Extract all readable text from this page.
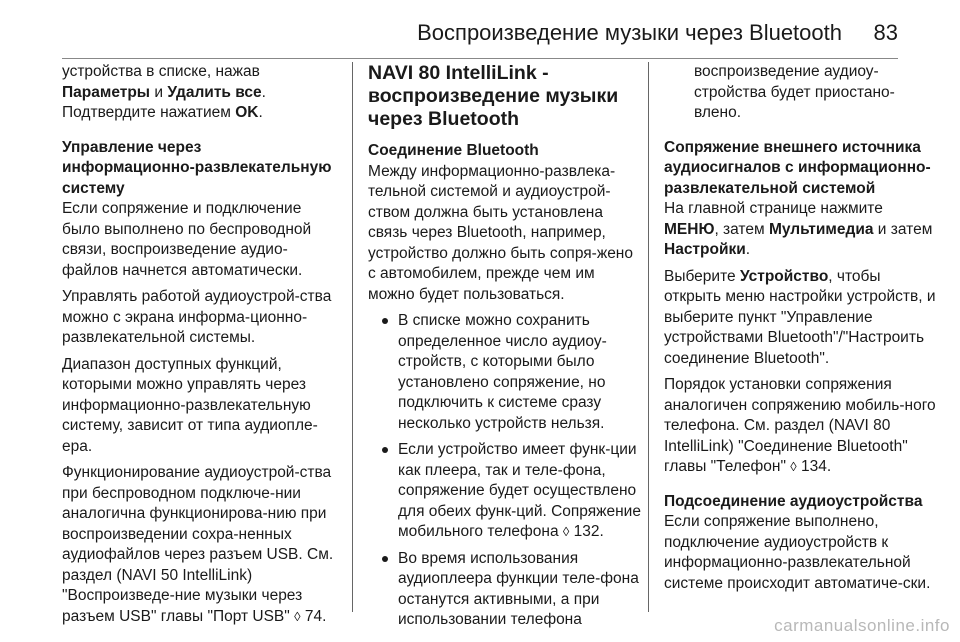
Воспроизведение музыки через Bluetooth 83

устройства в списке, нажав
Параметры и Удалить все.
Подтвердите нажатием OK.

Управление через информационно-развлекательную систему

Если сопряжение и подключение было выполнено по беспроводной связи, воспроизведение аудио-файлов начнется автоматически.

Управлять работой аудиоустрой-ства можно с экрана информа-ционно-развлекательной системы.

Диапазон доступных функций, которыми можно управлять через информационно-развлекательную систему, зависит от типа аудиопле-ера.

Функционирование аудиоустрой-ства при беспроводном подключе-нии аналогична функционирова-нию при воспроизведении сохра-ненных аудиофайлов через разъем USB. См. раздел (NAVI 50 IntelliLink) "Воспроизведе-ние музыки через разъем USB" главы "Порт USB" ◊ 74.

NAVI 80 IntelliLink - воспроизведение музыки через Bluetooth
Соединение Bluetooth

Между информационно-развлека-тельной системой и аудиоустрой-ством должна быть установлена связь через Bluetooth, например, устройство должно быть сопря-жено с автомобилем, прежде чем им можно будет пользоваться.

В списке можно сохранить определенное число аудиоу-стройств, с которыми было установлено сопряжение, но подключить к системе сразу несколько устройств нельзя.
Если устройство имеет функ-ции как плеера, так и теле-фона, сопряжение будет осуществлено для обеих функ-ций. Сопряжение мобильного телефона ◊ 132.
Во время использования аудиоплеера функции теле-фона останутся активными, а при использовании телефона

воспроизведение аудиоу-стройства будет приостано-влено.

Сопряжение внешнего источника аудиосигналов с информационно-развлекательной системой

На главной странице нажмите МЕНЮ, затем Мультимедиа и затем Настройки.

Выберите Устройство, чтобы открыть меню настройки устройств, и выберите пункт "Управление устройствами Bluetooth"/"Настроить соединение Bluetooth".

Порядок установки сопряжения аналогичен сопряжению мобиль-ного телефона. См. раздел (NAVI 80 IntelliLink) "Соединение Bluetooth" главы "Телефон" ◊ 134.

Подсоединение аудиоустройства

Если сопряжение выполнено, подключение аудиоустройств к информационно-развлекательной системе происходит автоматиче-ски.

carmanualsonline.info
